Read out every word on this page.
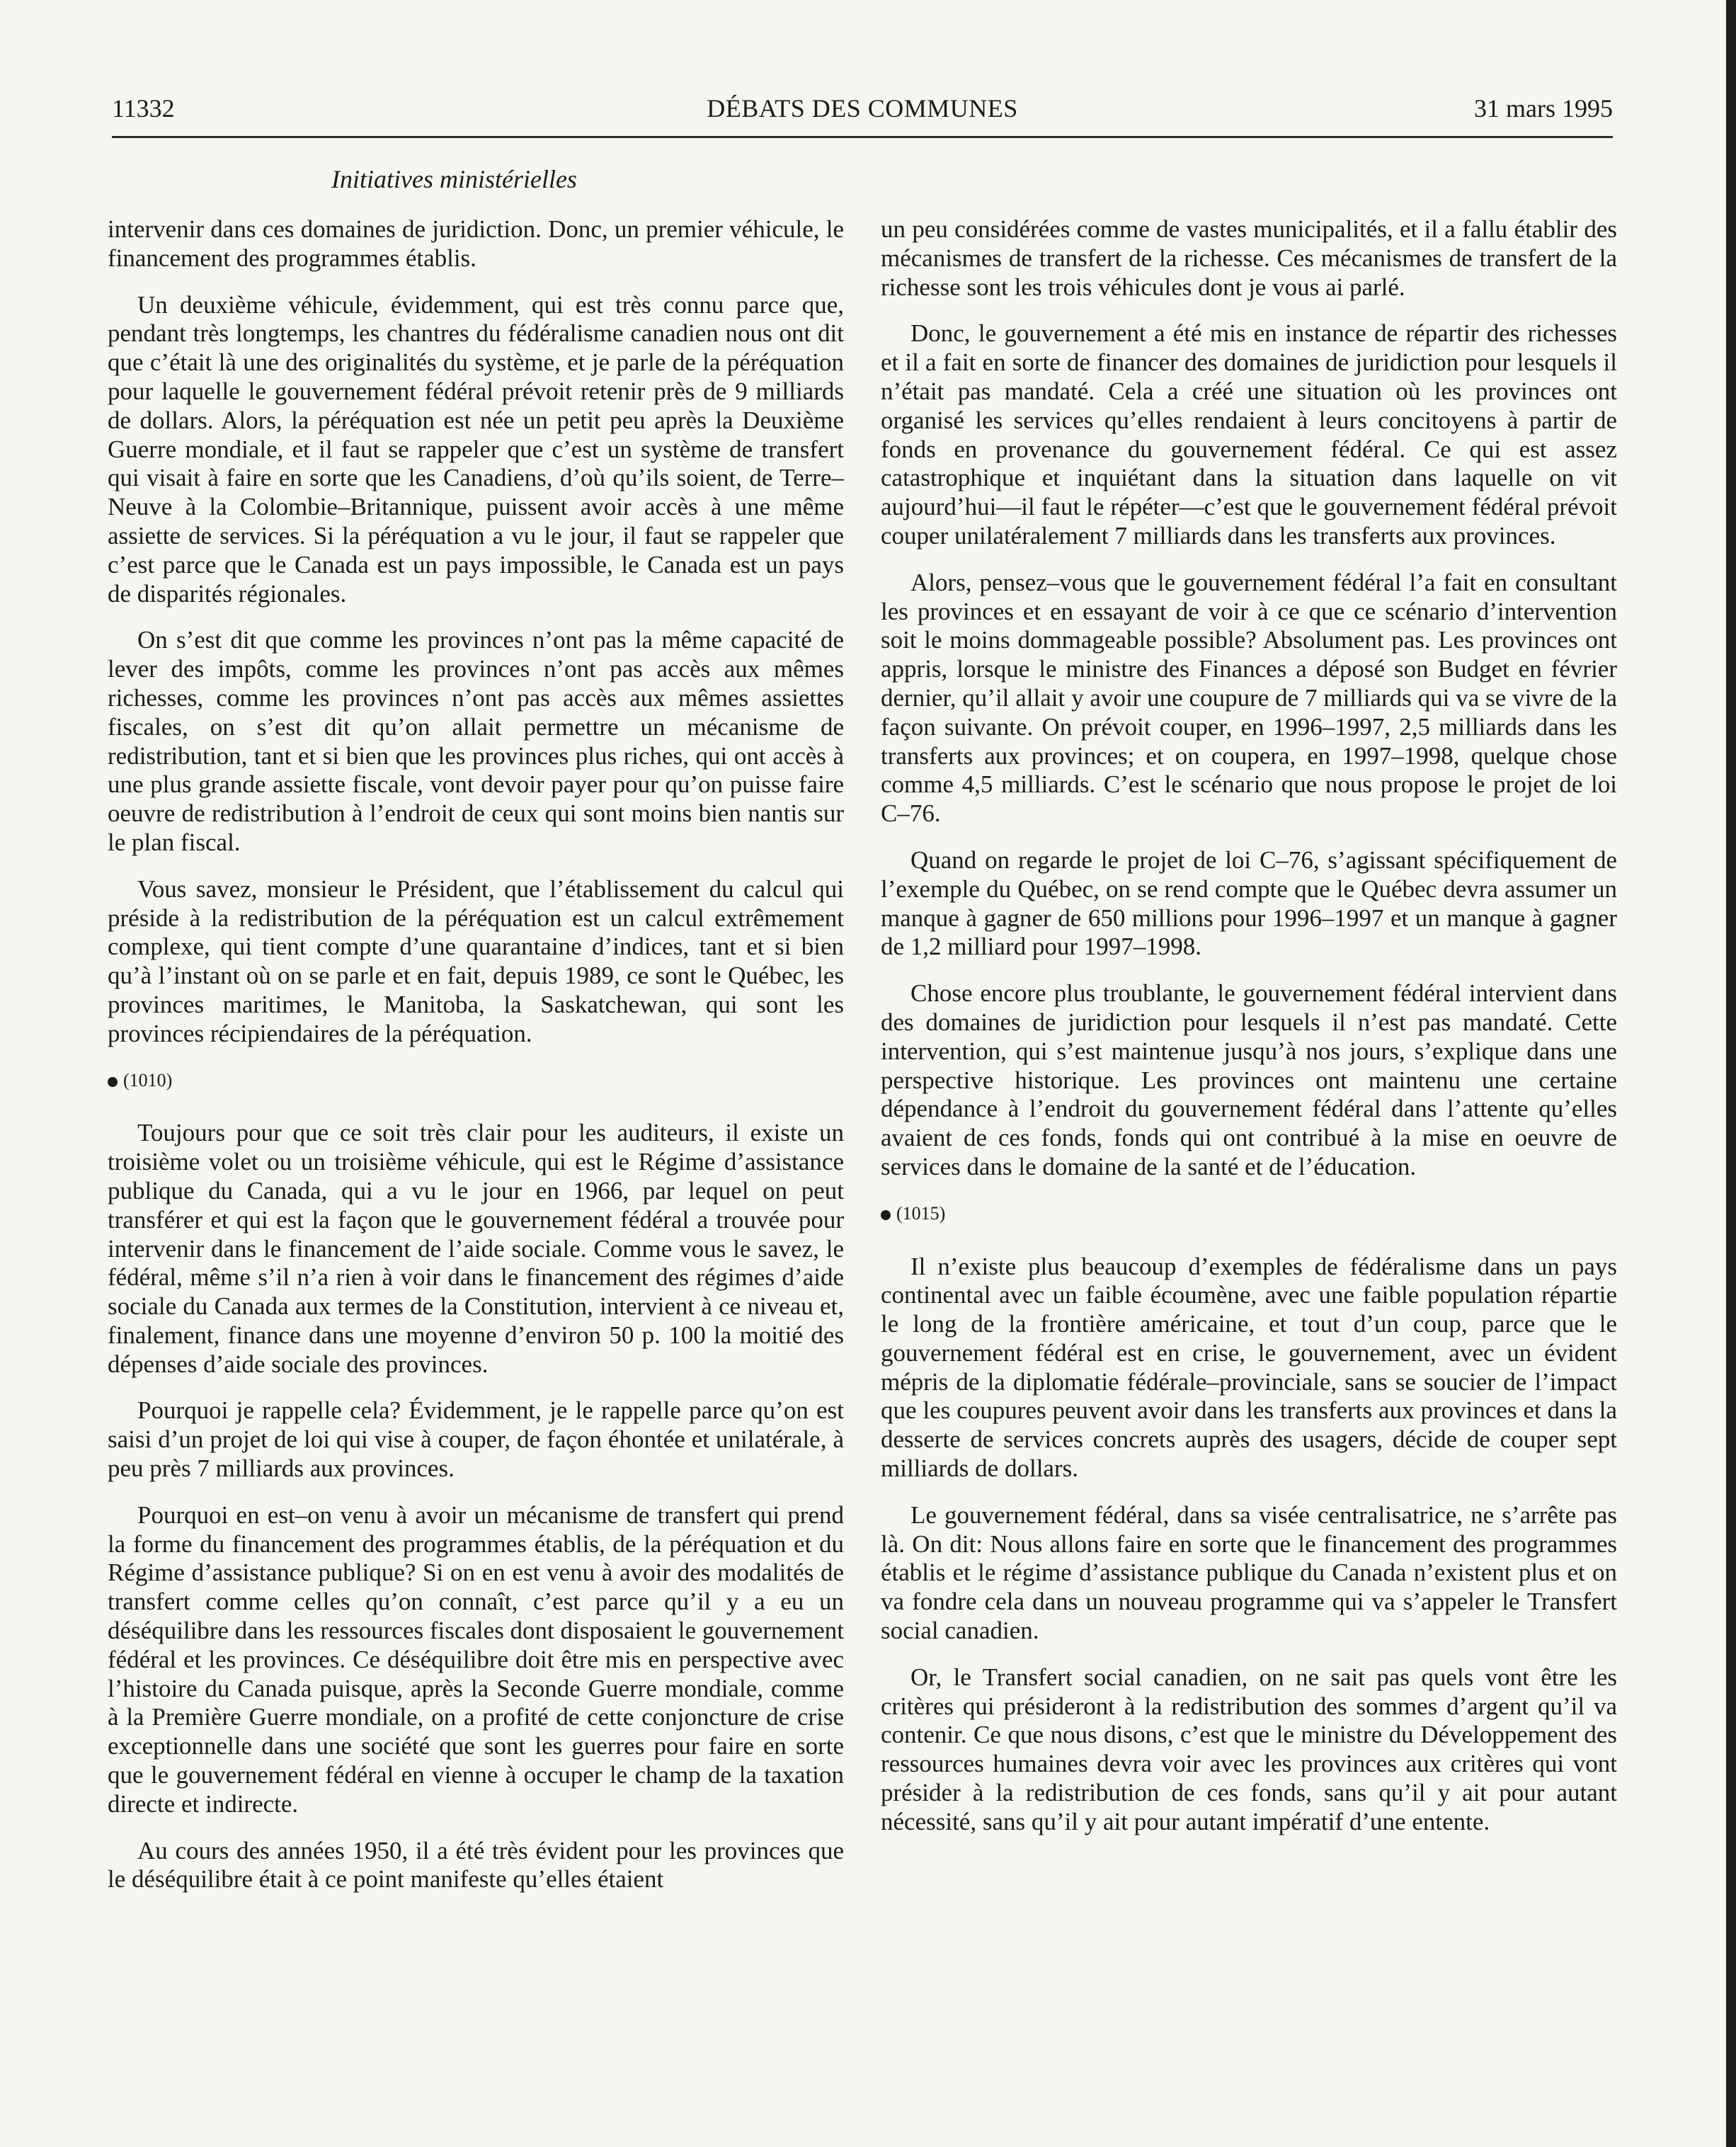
11332	DÉBATS DES COMMUNES	31 mars 1995
Initiatives ministérielles

intervenir dans ces domaines de juridiction. Donc, un premier véhicule, le financement des programmes établis.

Un deuxième véhicule, évidemment, qui est très connu parce que, pendant très longtemps, les chantres du fédéralisme canadien nous ont dit que c’était là une des originalités du système, et je parle de la péréquation pour laquelle le gouvernement fédéral prévoit retenir près de 9 milliards de dollars. Alors, la péréquation est née un petit peu après la Deuxième Guerre mondiale, et il faut se rappeler que c’est un système de transfert qui visait à faire en sorte que les Canadiens, d’où qu’ils soient, de Terre–Neuve à la Colombie–Britannique, puissent avoir accès à une même assiette de services. Si la péréquation a vu le jour, il faut se rappeler que c’est parce que le Canada est un pays impossible, le Canada est un pays de disparités régionales.

On s’est dit que comme les provinces n’ont pas la même capacité de lever des impôts, comme les provinces n’ont pas accès aux mêmes richesses, comme les provinces n’ont pas accès aux mêmes assiettes fiscales, on s’est dit qu’on allait permettre un mécanisme de redistribution, tant et si bien que les provinces plus riches, qui ont accès à une plus grande assiette fiscale, vont devoir payer pour qu’on puisse faire oeuvre de redistribution à l’endroit de ceux qui sont moins bien nantis sur le plan fiscal.

Vous savez, monsieur le Président, que l’établissement du calcul qui préside à la redistribution de la péréquation est un calcul extrêmement complexe, qui tient compte d’une quarantaine d’indices, tant et si bien qu’à l’instant où on se parle et en fait, depuis 1989, ce sont le Québec, les provinces maritimes, le Manitoba, la Saskatchewan, qui sont les provinces récipiendaires de la péréquation.

(1010)

Toujours pour que ce soit très clair pour les auditeurs, il existe un troisième volet ou un troisième véhicule, qui est le Régime d’assistance publique du Canada, qui a vu le jour en 1966, par lequel on peut transférer et qui est la façon que le gouvernement fédéral a trouvée pour intervenir dans le financement de l’aide sociale. Comme vous le savez, le fédéral, même s’il n’a rien à voir dans le financement des régimes d’aide sociale du Canada aux termes de la Constitution, intervient à ce niveau et, finalement, finance dans une moyenne d’environ 50 p. 100 la moitié des dépenses d’aide sociale des provinces.

Pourquoi je rappelle cela? Évidemment, je le rappelle parce qu’on est saisi d’un projet de loi qui vise à couper, de façon éhontée et unilatérale, à peu près 7 milliards aux provinces.

Pourquoi en est–on venu à avoir un mécanisme de transfert qui prend la forme du financement des programmes établis, de la péréquation et du Régime d’assistance publique? Si on en est venu à avoir des modalités de transfert comme celles qu’on connaît, c’est parce qu’il y a eu un déséquilibre dans les ressources fiscales dont disposaient le gouvernement fédéral et les provinces. Ce déséquilibre doit être mis en perspective avec l’histoire du Canada puisque, après la Seconde Guerre mondiale, comme à la Première Guerre mondiale, on a profité de cette conjoncture de crise exceptionnelle dans une société que sont les guerres pour faire en sorte que le gouvernement fédéral en vienne à occuper le champ de la taxation directe et indirecte.

Au cours des années 1950, il a été très évident pour les provinces que le déséquilibre était à ce point manifeste qu’elles étaient

un peu considérées comme de vastes municipalités, et il a fallu établir des mécanismes de transfert de la richesse. Ces mécanismes de transfert de la richesse sont les trois véhicules dont je vous ai parlé.

Donc, le gouvernement a été mis en instance de répartir des richesses et il a fait en sorte de financer des domaines de juridiction pour lesquels il n’était pas mandaté. Cela a créé une situation où les provinces ont organisé les services qu’elles rendaient à leurs concitoyens à partir de fonds en provenance du gouvernement fédéral. Ce qui est assez catastrophique et inquiétant dans la situation dans laquelle on vit aujourd’hui—il faut le répéter—c’est que le gouvernement fédéral prévoit couper unilatéralement 7 milliards dans les transferts aux provinces.

Alors, pensez–vous que le gouvernement fédéral l’a fait en consultant les provinces et en essayant de voir à ce que ce scénario d’intervention soit le moins dommageable possible? Absolument pas. Les provinces ont appris, lorsque le ministre des Finances a déposé son Budget en février dernier, qu’il allait y avoir une coupure de 7 milliards qui va se vivre de la façon suivante. On prévoit couper, en 1996–1997, 2,5 milliards dans les transferts aux provinces; et on coupera, en 1997–1998, quelque chose comme 4,5 milliards. C’est le scénario que nous propose le projet de loi C–76.

Quand on regarde le projet de loi C–76, s’agissant spécifiquement de l’exemple du Québec, on se rend compte que le Québec devra assumer un manque à gagner de 650 millions pour 1996–1997 et un manque à gagner de 1,2 milliard pour 1997–1998.

Chose encore plus troublante, le gouvernement fédéral intervient dans des domaines de juridiction pour lesquels il n’est pas mandaté. Cette intervention, qui s’est maintenue jusqu’à nos jours, s’explique dans une perspective historique. Les provinces ont maintenu une certaine dépendance à l’endroit du gouvernement fédéral dans l’attente qu’elles avaient de ces fonds, fonds qui ont contribué à la mise en oeuvre de services dans le domaine de la santé et de l’éducation.

(1015)

Il n’existe plus beaucoup d’exemples de fédéralisme dans un pays continental avec un faible écoumène, avec une faible population répartie le long de la frontière américaine, et tout d’un coup, parce que le gouvernement fédéral est en crise, le gouvernement, avec un évident mépris de la diplomatie fédérale–provinciale, sans se soucier de l’impact que les coupures peuvent avoir dans les transferts aux provinces et dans la desserte de services concrets auprès des usagers, décide de couper sept milliards de dollars.

Le gouvernement fédéral, dans sa visée centralisatrice, ne s’arrête pas là. On dit: Nous allons faire en sorte que le financement des programmes établis et le régime d’assistance publique du Canada n’existent plus et on va fondre cela dans un nouveau programme qui va s’appeler le Transfert social canadien.

Or, le Transfert social canadien, on ne sait pas quels vont être les critères qui présideront à la redistribution des sommes d’argent qu’il va contenir. Ce que nous disons, c’est que le ministre du Développement des ressources humaines devra voir avec les provinces aux critères qui vont présider à la redistribution de ces fonds, sans qu’il y ait pour autant nécessité, sans qu’il y ait pour autant impératif d’une entente.
